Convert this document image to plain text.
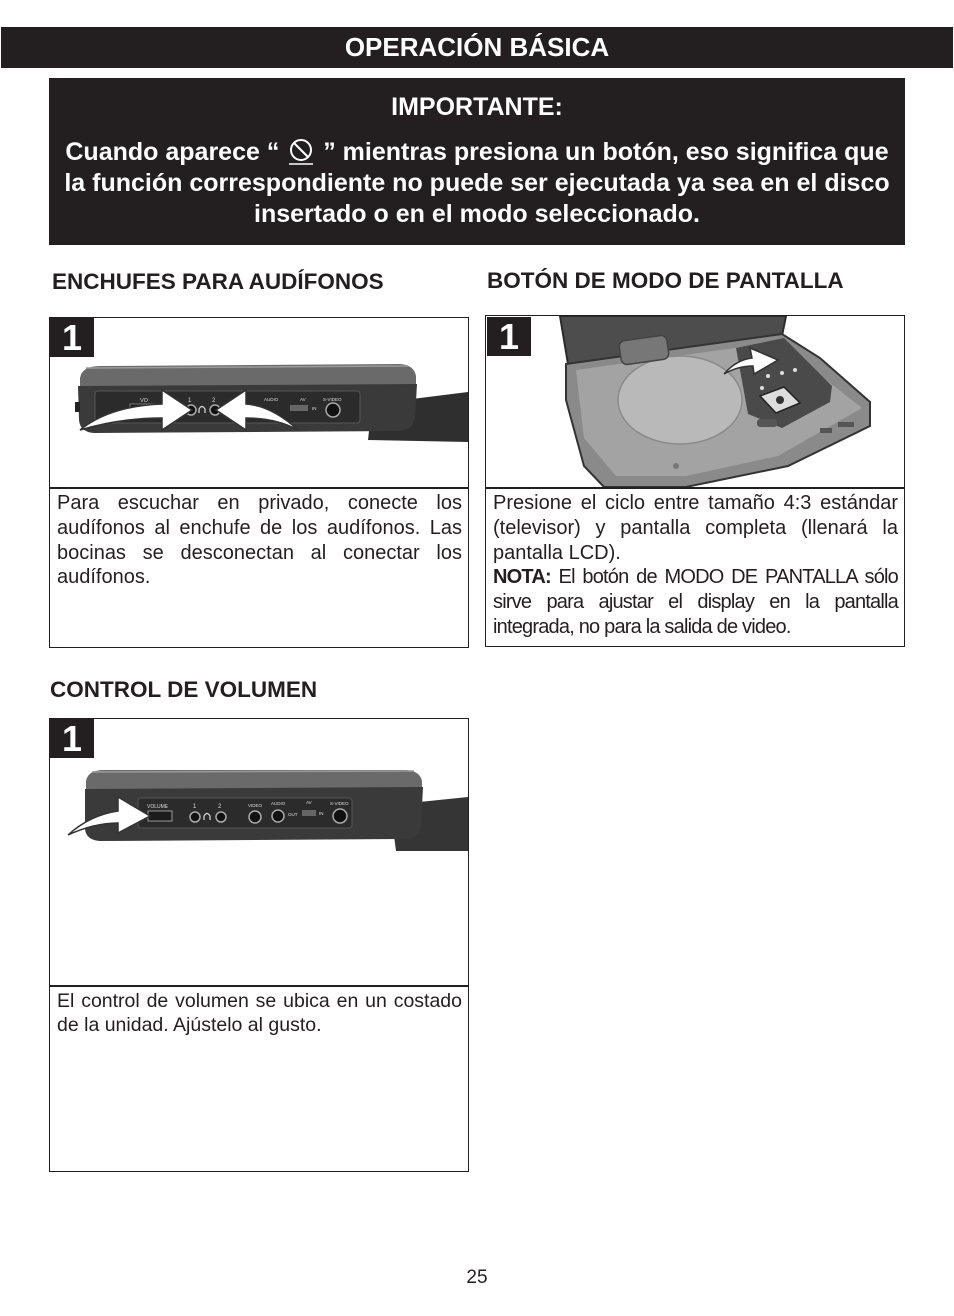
OPERACIÓN BÁSICA

IMPORTANTE:

Cuando aparece “ ” mientras presiona un botón, eso significa que la función correspondiente no puede ser ejecutada ya sea en el disco insertado o en el modo seleccionado.

ENCHUFES PARA AUDÍFONOS	BOTÓN DE MODO DE PANTALLA
CONTROL DE VOLUMEN
VO	1	2	AUDIO	AV	S-VIDEO
IN
1

Para escuchar en privado, conecte los audífonos al enchufe de los audífonos. Las bocinas se desconectan al conectar los audífonos.

1

Presione el ciclo entre tamaño 4:3 estándar (televisor) y pantalla completa (llenará la pantalla LCD).

NOTA: El botón de MODO DE PANTALLA sólo sirve para ajustar el display en la pantalla integrada, no para la salida de video.

VOLUME	1	2	VIDEO AUDIO
OUT
AV
IN
S-VIDEO
1

El control de volumen se ubica en un costado de la unidad. Ajústelo al gusto.

25
